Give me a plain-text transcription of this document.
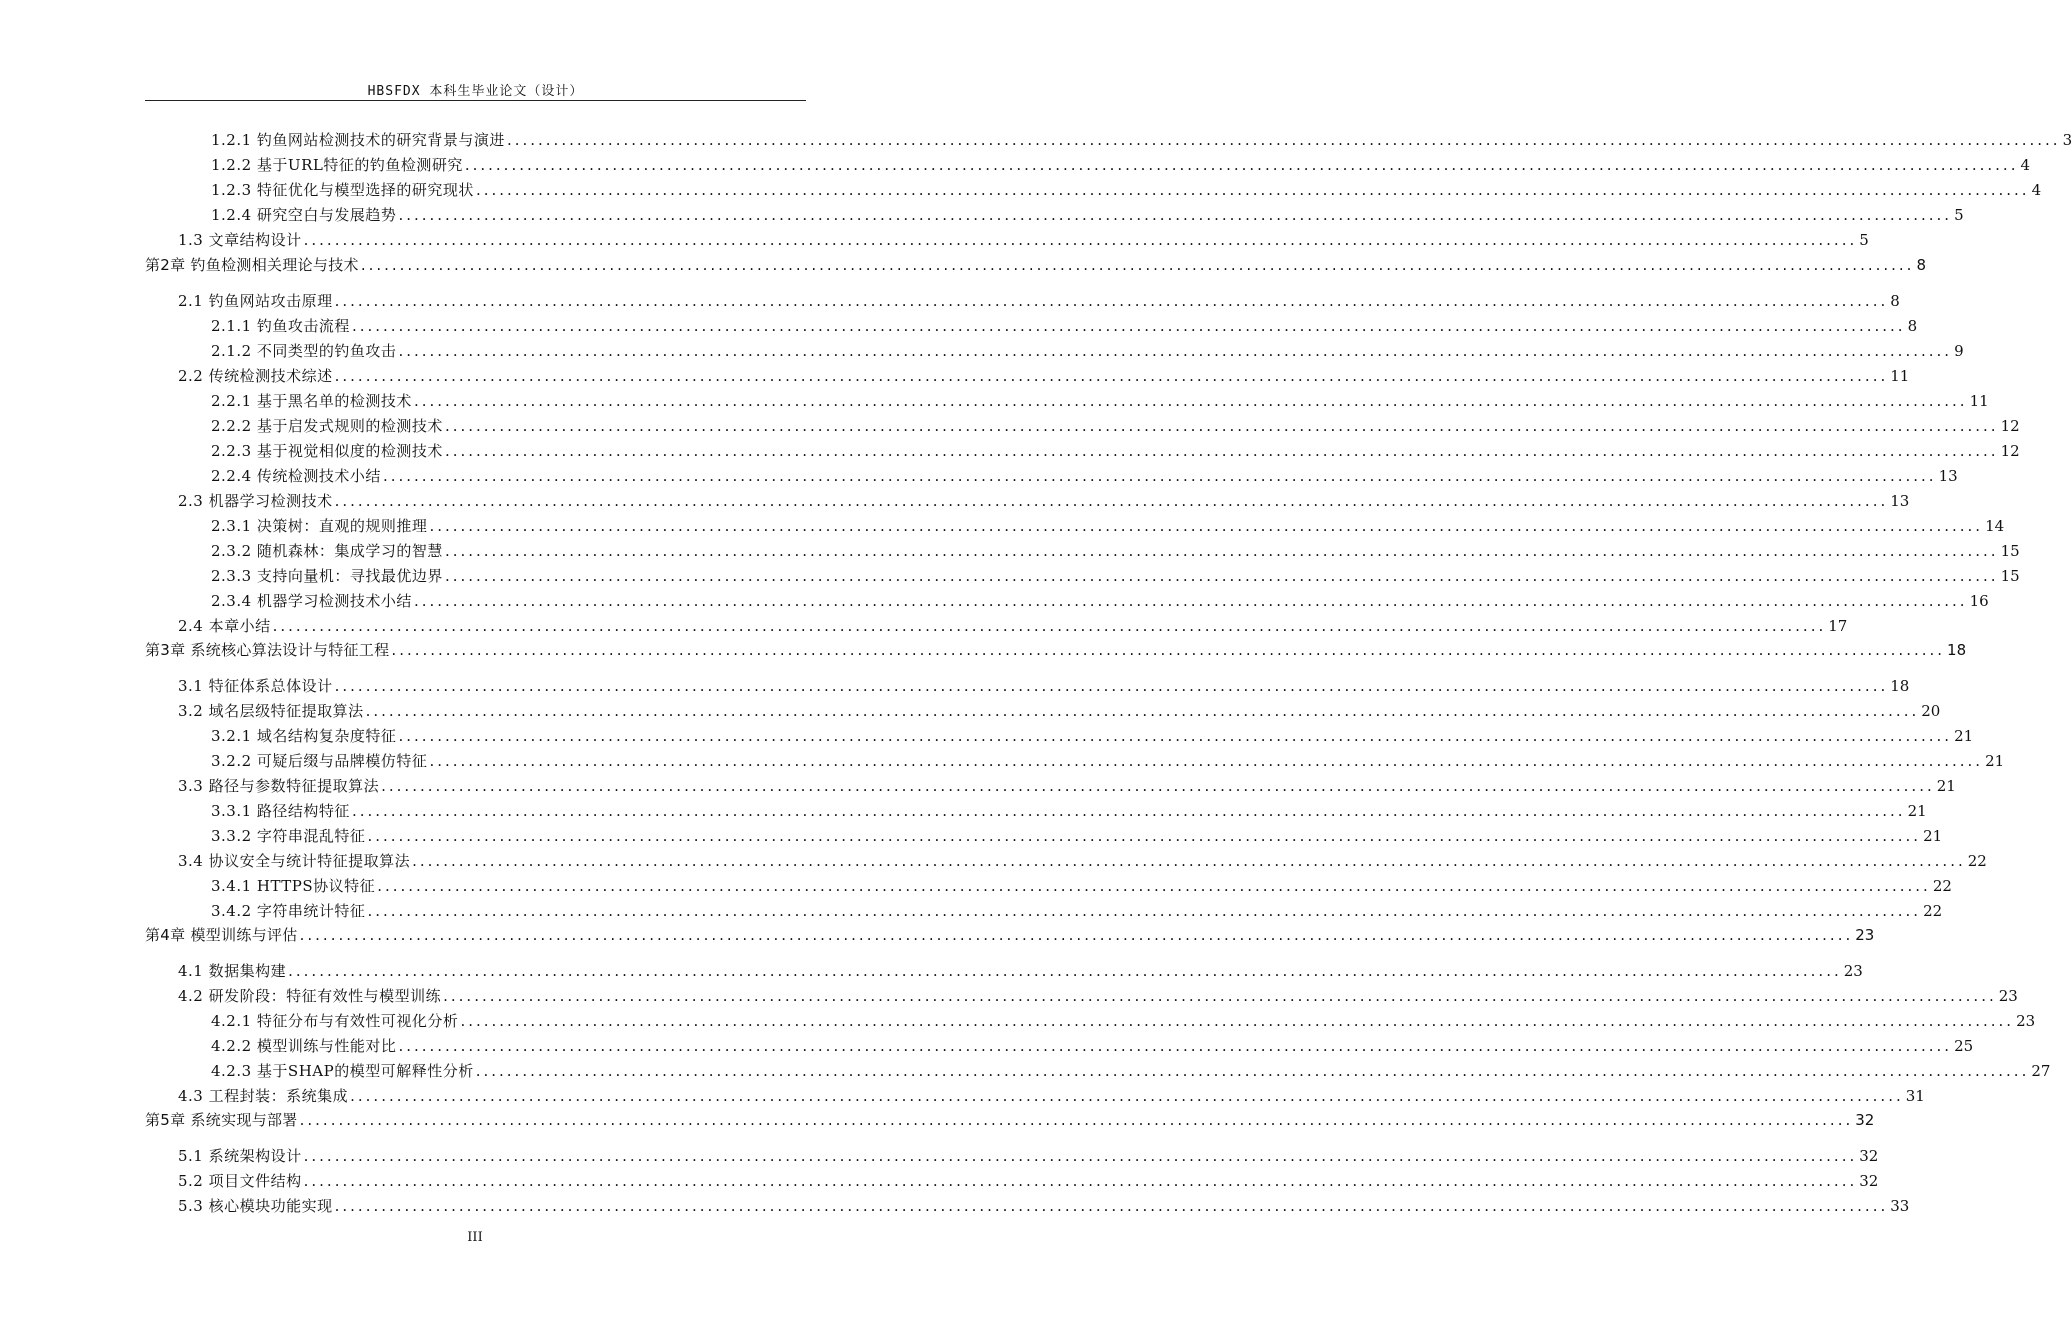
HBSFDX 本科生毕业论文（设计）
1.2.1 钓鱼网站检测技术的研究背景与演进 ........................................................................................................................................................................................................ 3
1.2.2 基于URL特征的钓鱼检测研究 ........................................................................................................................................................................................................ 4
1.2.3 特征优化与模型选择的研究现状 ........................................................................................................................................................................................................ 4
1.2.4 研究空白与发展趋势 ........................................................................................................................................................................................................ 5
1.3 文章结构设计 ........................................................................................................................................................................................................ 5
第2章 钓鱼检测相关理论与技术 ........................................................................................................................................................................................................ 8
2.1 钓鱼网站攻击原理 ........................................................................................................................................................................................................ 8
2.1.1 钓鱼攻击流程 ........................................................................................................................................................................................................ 8
2.1.2 不同类型的钓鱼攻击 ........................................................................................................................................................................................................ 9
2.2 传统检测技术综述 ........................................................................................................................................................................................................ 11
2.2.1 基于黑名单的检测技术 ........................................................................................................................................................................................................ 11
2.2.2 基于启发式规则的检测技术 ........................................................................................................................................................................................................ 12
2.2.3 基于视觉相似度的检测技术 ........................................................................................................................................................................................................ 12
2.2.4 传统检测技术小结 ........................................................................................................................................................................................................ 13
2.3 机器学习检测技术 ........................................................................................................................................................................................................ 13
2.3.1 决策树：直观的规则推理 ........................................................................................................................................................................................................ 14
2.3.2 随机森林：集成学习的智慧 ........................................................................................................................................................................................................ 15
2.3.3 支持向量机：寻找最优边界 ........................................................................................................................................................................................................ 15
2.3.4 机器学习检测技术小结 ........................................................................................................................................................................................................ 16
2.4 本章小结 ........................................................................................................................................................................................................ 17
第3章 系统核心算法设计与特征工程 ........................................................................................................................................................................................................ 18
3.1 特征体系总体设计 ........................................................................................................................................................................................................ 18
3.2 域名层级特征提取算法 ........................................................................................................................................................................................................ 20
3.2.1 域名结构复杂度特征 ........................................................................................................................................................................................................ 21
3.2.2 可疑后缀与品牌模仿特征 ........................................................................................................................................................................................................ 21
3.3 路径与参数特征提取算法 ........................................................................................................................................................................................................ 21
3.3.1 路径结构特征 ........................................................................................................................................................................................................ 21
3.3.2 字符串混乱特征 ........................................................................................................................................................................................................ 21
3.4 协议安全与统计特征提取算法 ........................................................................................................................................................................................................ 22
3.4.1 HTTPS协议特征 ........................................................................................................................................................................................................ 22
3.4.2 字符串统计特征 ........................................................................................................................................................................................................ 22
第4章 模型训练与评估 ........................................................................................................................................................................................................ 23
4.1 数据集构建 ........................................................................................................................................................................................................ 23
4.2 研发阶段：特征有效性与模型训练 ........................................................................................................................................................................................................ 23
4.2.1 特征分布与有效性可视化分析 ........................................................................................................................................................................................................ 23
4.2.2 模型训练与性能对比 ........................................................................................................................................................................................................ 25
4.2.3 基于SHAP的模型可解释性分析 ........................................................................................................................................................................................................ 27
4.3 工程封装：系统集成 ........................................................................................................................................................................................................ 31
第5章 系统实现与部署 ........................................................................................................................................................................................................ 32
5.1 系统架构设计 ........................................................................................................................................................................................................ 32
5.2 项目文件结构 ........................................................................................................................................................................................................ 32
5.3 核心模块功能实现 ........................................................................................................................................................................................................ 33
III
